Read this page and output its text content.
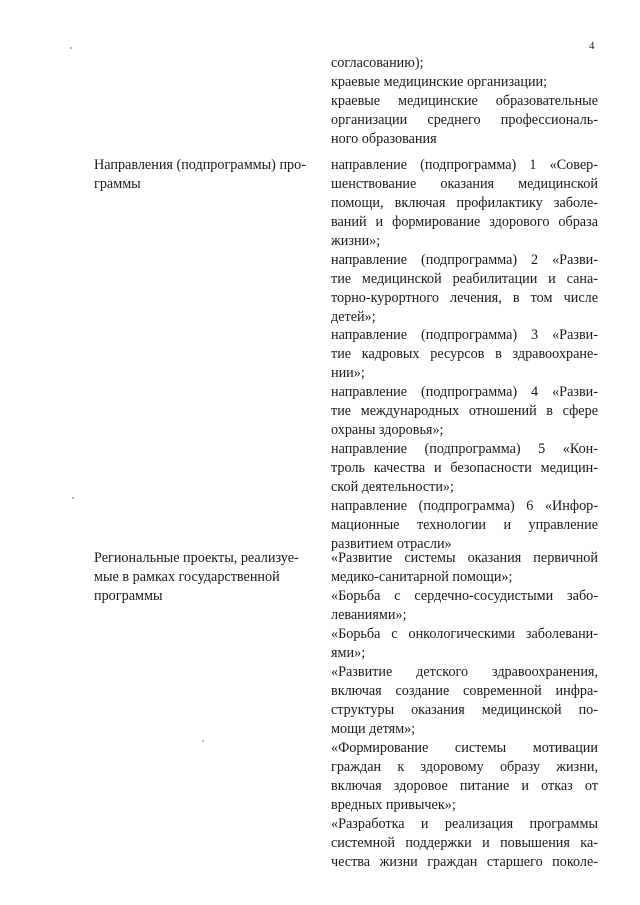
4
согласованию);
краевые медицинские организации;
краевые медицинские образовательные
организации среднего профессиональ-
ного образования
Направления (подпрограммы) про-
граммы
направление (подпрограмма) 1 «Совер-
шенствование оказания медицинской
помощи, включая профилактику заболе-
ваний и формирование здорового образа
жизни»;
направление (подпрограмма) 2 «Разви-
тие медицинской реабилитации и сана-
торно-курортного лечения, в том числе
детей»;
направление (подпрограмма) 3 «Разви-
тие кадровых ресурсов в здравоохране-
нии»;
направление (подпрограмма) 4 «Разви-
тие международных отношений в сфере
охраны здоровья»;
направление (подпрограмма) 5 «Кон-
троль качества и безопасности медицин-
ской деятельности»;
направление (подпрограмма) 6 «Инфор-
мационные технологии и управление
развитием отрасли»
Региональные проекты, реализуе-
мые в рамках государственной
программы
«Развитие системы оказания первичной
медико-санитарной помощи»;
«Борьба с сердечно-сосудистыми забо-
леваниями»;
«Борьба с онкологическими заболевани-
ями»;
«Развитие детского здравоохранения,
включая создание современной инфра-
структуры оказания медицинской по-
мощи детям»;
«Формирование системы мотивации
граждан к здоровому образу жизни,
включая здоровое питание и отказ от
вредных привычек»;
«Разработка и реализация программы
системной поддержки и повышения ка-
чества жизни граждан старшего поколе-
